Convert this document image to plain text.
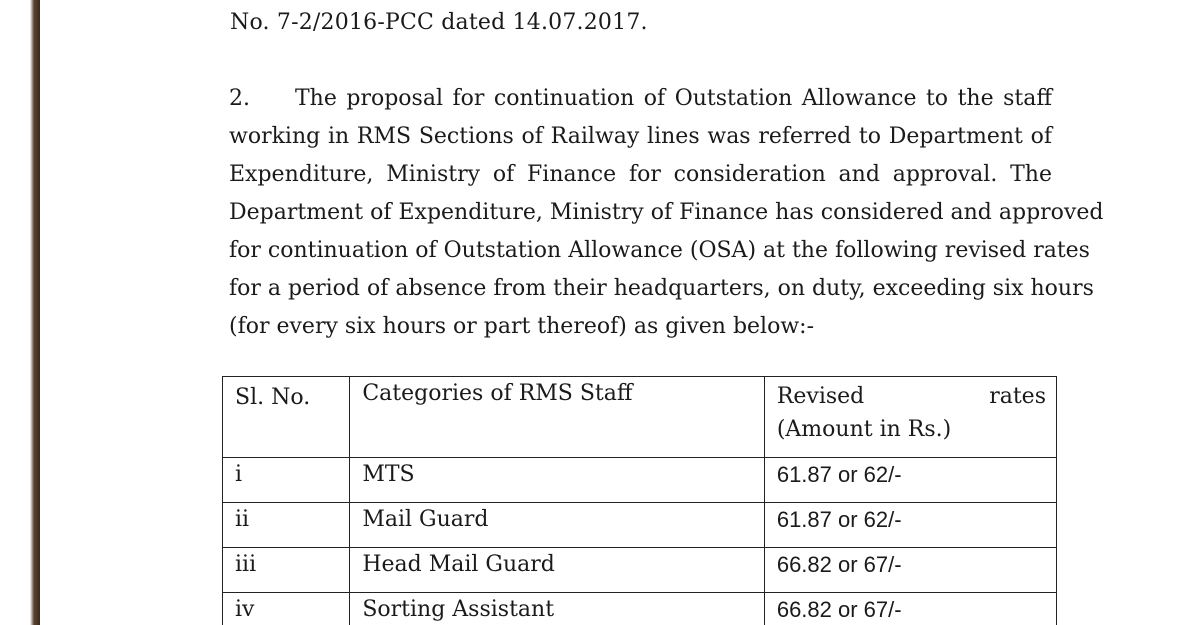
No. 7-2/2016-PCC dated 14.07.2017.
2. The proposal for continuation of Outstation Allowance to the staff
working in RMS Sections of Railway lines was referred to Department of
Expenditure, Ministry of Finance for consideration and approval. The
Department of Expenditure, Ministry of Finance has considered and approved
for continuation of Outstation Allowance (OSA) at the following revised rates
for a period of absence from their headquarters, on duty, exceeding six hours
(for every six hours or part thereof) as given below:-
Sl. No.	Categories of RMS Staff	Revised rates
(Amount in Rs.)

i	MTS	61.87 or 62/-
ii	Mail Guard	61.87 or 62/-
iii	Head Mail Guard	66.82 or 67/-
iv	Sorting Assistant	66.82 or 67/-
